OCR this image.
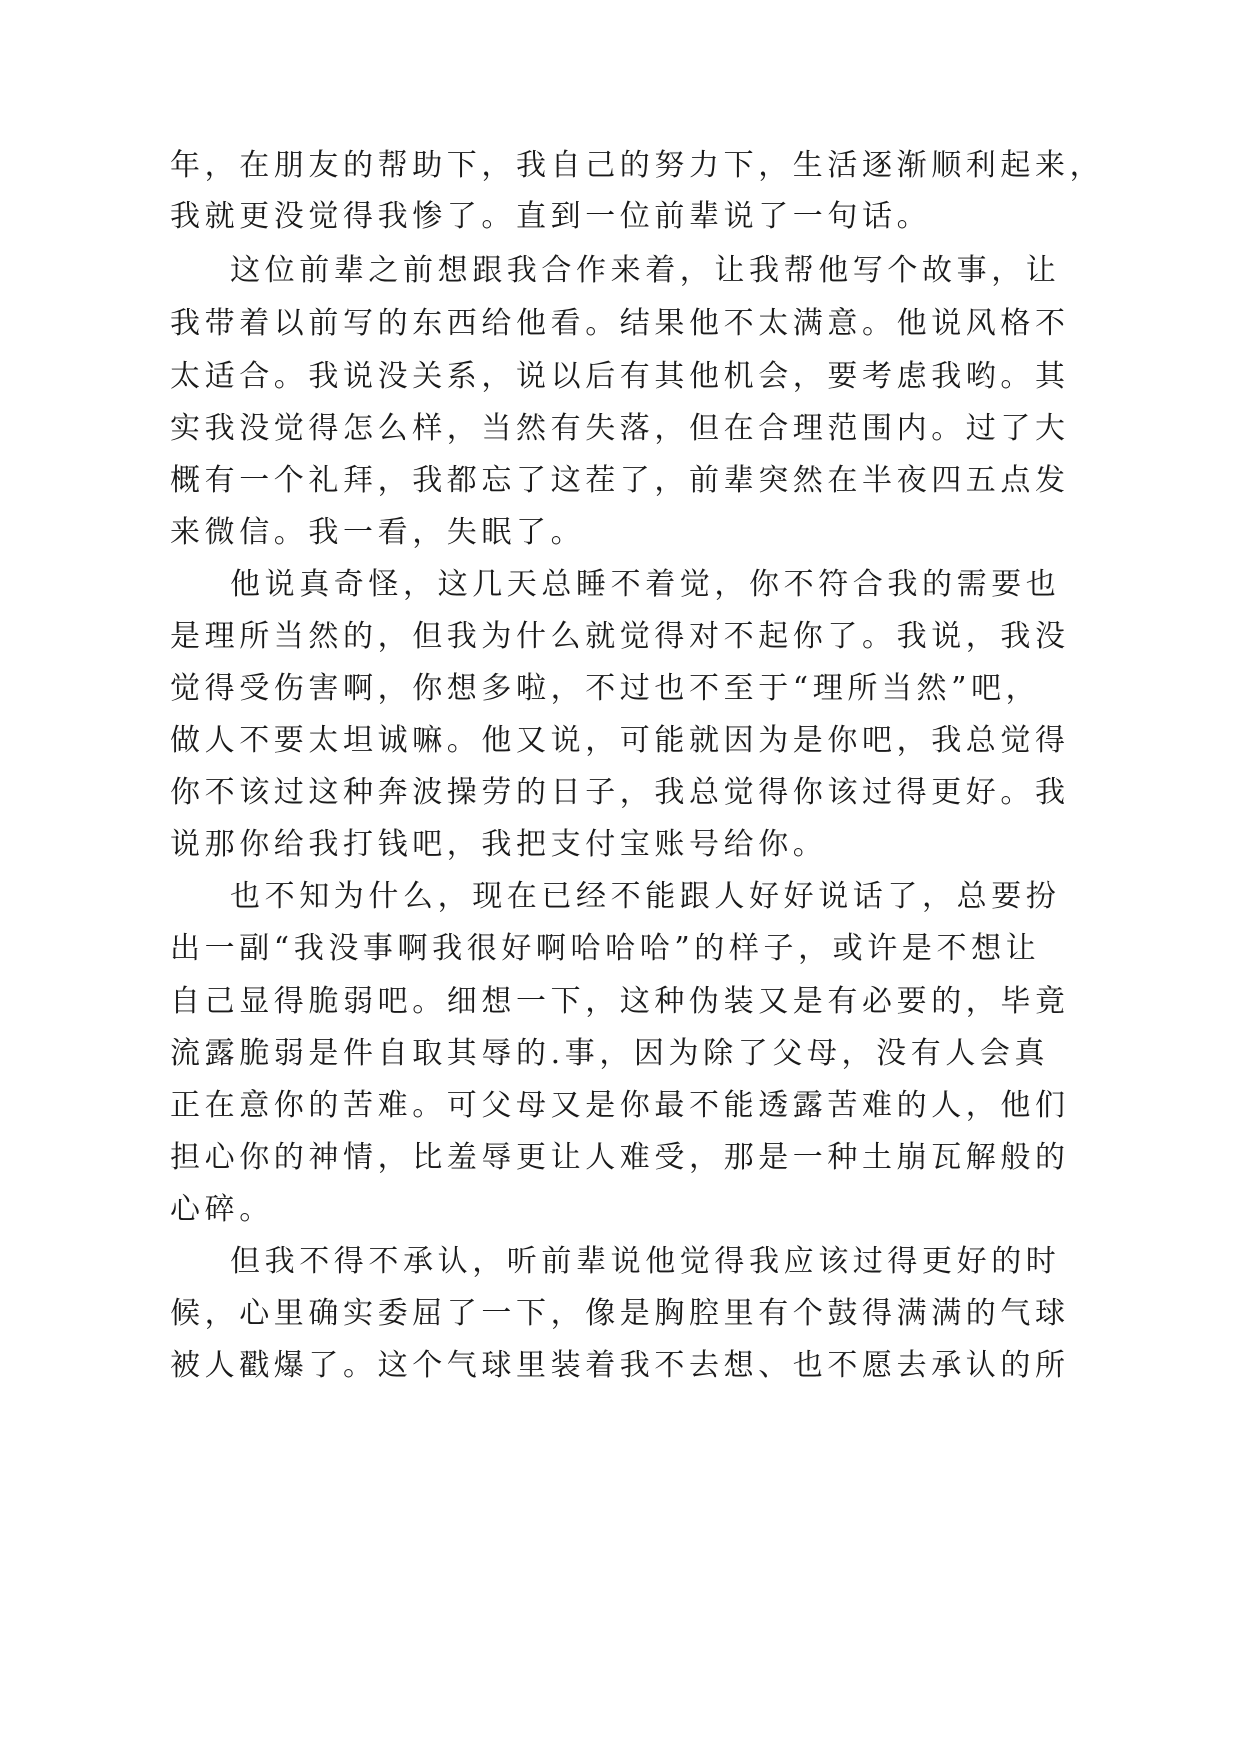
年，在朋友的帮助下，我自己的努力下，生活逐渐顺利起来，

我就更没觉得我惨了。直到一位前辈说了一句话。

这位前辈之前想跟我合作来着，让我帮他写个故事，让

我带着以前写的东西给他看。结果他不太满意。他说风格不

太适合。我说没关系，说以后有其他机会，要考虑我哟。其

实我没觉得怎么样，当然有失落，但在合理范围内。过了大

概有一个礼拜，我都忘了这茬了，前辈突然在半夜四五点发

来微信。我一看，失眠了。

他说真奇怪，这几天总睡不着觉，你不符合我的需要也

是理所当然的，但我为什么就觉得对不起你了。我说，我没

觉得受伤害啊，你想多啦，不过也不至于“理所当然”吧，

做人不要太坦诚嘛。他又说，可能就因为是你吧，我总觉得

你不该过这种奔波操劳的日子，我总觉得你该过得更好。我

说那你给我打钱吧，我把支付宝账号给你。

也不知为什么，现在已经不能跟人好好说话了，总要扮

出一副“我没事啊我很好啊哈哈哈”的样子，或许是不想让

自己显得脆弱吧。细想一下，这种伪装又是有必要的，毕竟

流露脆弱是件自取其辱的.事，因为除了父母，没有人会真

正在意你的苦难。可父母又是你最不能透露苦难的人，他们

担心你的神情，比羞辱更让人难受，那是一种土崩瓦解般的

心碎。

但我不得不承认，听前辈说他觉得我应该过得更好的时

候，心里确实委屈了一下，像是胸腔里有个鼓得满满的气球

被人戳爆了。这个气球里装着我不去想、也不愿去承认的所
